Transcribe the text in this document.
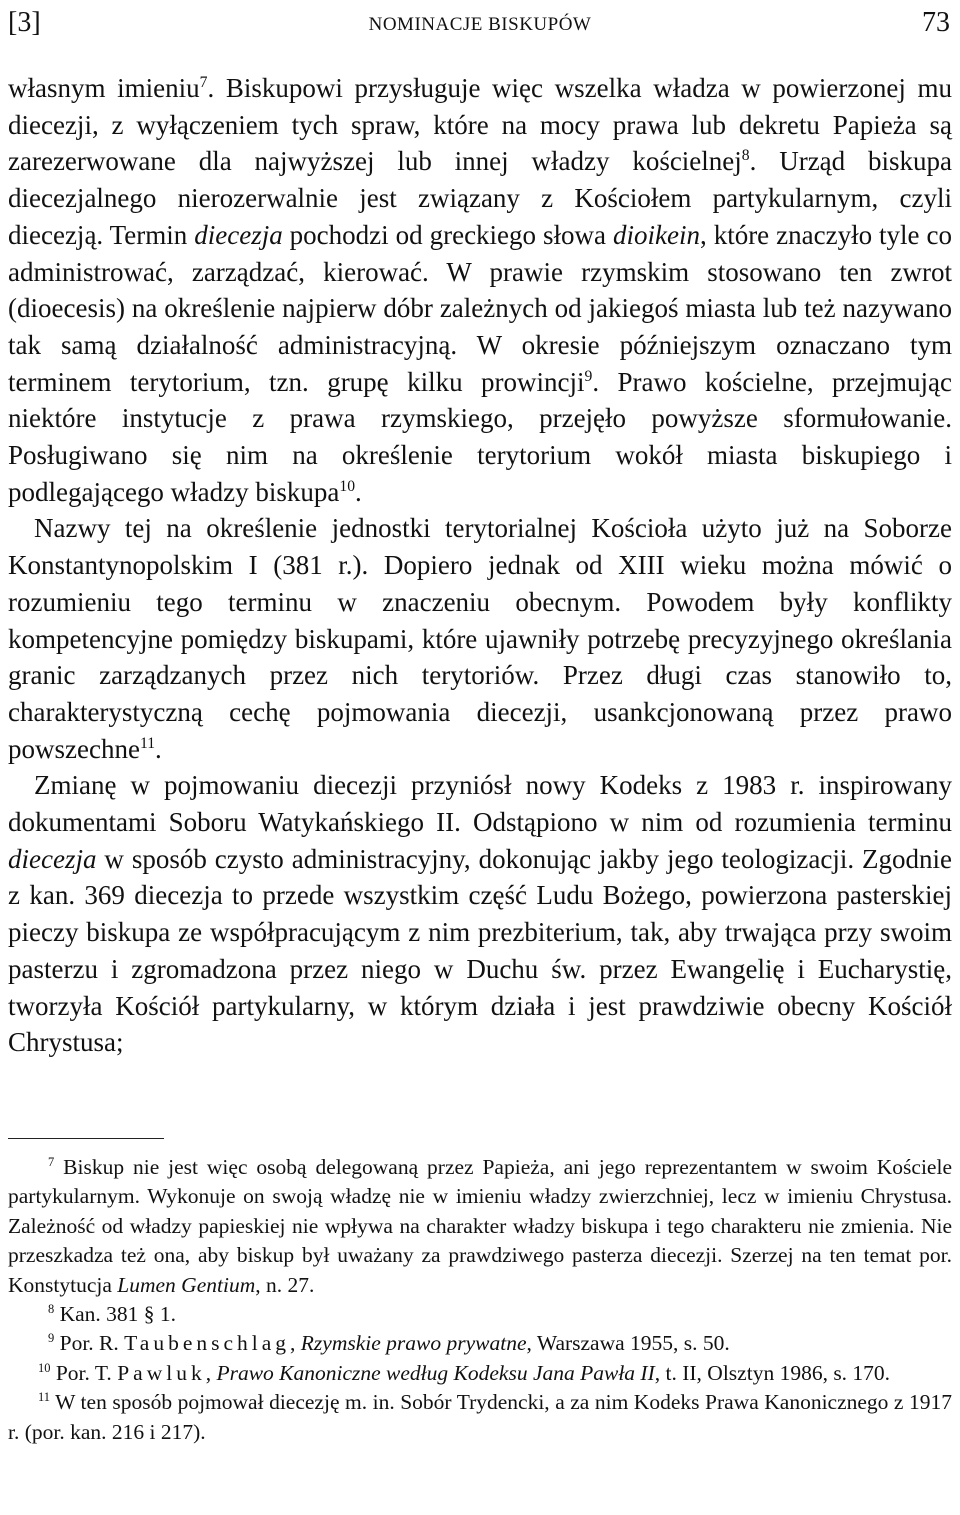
[3]	NOMINACJE BISKUPÓW	73

własnym imieniu$^7$. Biskupowi przysługuje więc wszelka władza w powierzonej mu diecezji, z wyłączeniem tych spraw, które na mocy prawa lub dekretu Papieża są zarezerwowane dla najwyższej lub innej władzy kościelnej$^8$. Urząd biskupa diecezjalnego nierozerwalnie jest związany z Kościołem partykularnym, czyli diecezją. Termin diecezja pochodzi od greckiego słowa dioikein, które znaczyło tyle co administrować, zarządzać, kierować. W prawie rzymskim stosowano ten zwrot (dioecesis) na określenie najpierw dóbr zależnych od jakiegoś miasta lub też nazywano tak samą działalność administracyjną. W okresie późniejszym oznaczano tym terminem terytorium, tzn. grupę kilku prowincji$^9$. Prawo kościelne, przejmując niektóre instytucje z prawa rzymskiego, przejęło powyższe sformułowanie. Posługiwano się nim na określenie terytorium wokół miasta biskupiego i podlegającego władzy biskupa$^{10}$.

Nazwy tej na określenie jednostki terytorialnej Kościoła użyto już na Soborze Konstantynopolskim I (381 r.). Dopiero jednak od XIII wieku można mówić o rozumieniu tego terminu w znaczeniu obecnym. Powodem były konflikty kompetencyjne pomiędzy biskupami, które ujawniły potrzebę precyzyjnego określania granic zarządzanych przez nich terytoriów. Przez długi czas stanowiło to, charakterystyczną cechę pojmowania diecezji, usankcjonowaną przez prawo powszechne$^{11}$.

Zmianę w pojmowaniu diecezji przyniósł nowy Kodeks z 1983 r. inspirowany dokumentami Soboru Watykańskiego II. Odstąpiono w nim od rozumienia terminu diecezja w sposób czysto administracyjny, dokonując jakby jego teologizacji. Zgodnie z kan. 369 diecezja to przede wszystkim część Ludu Bożego, powierzona pasterskiej pieczy biskupa ze współpracującym z nim prezbiterium, tak, aby trwająca przy swoim pasterzu i zgromadzona przez niego w Duchu św. przez Ewangelię i Eucharystię, tworzyła Kościół partykularny, w którym działa i jest prawdziwie obecny Kościół Chrystusa;

$^7$ Biskup nie jest więc osobą delegowaną przez Papieża, ani jego reprezentantem w swoim Kościele partykularnym. Wykonuje on swoją władzę nie w imieniu władzy zwierzchniej, lecz w imieniu Chrystusa. Zależność od władzy papieskiej nie wpływa na charakter władzy biskupa i tego charakteru nie zmienia. Nie przeszkadza też ona, aby biskup był uważany za prawdziwego pasterza diecezji. Szerzej na ten temat por. Konstytucja Lumen Gentium, n. 27.

$^8$ Kan. 381 § 1.

$^9$ Por. R. Taubenschlag, Rzymskie prawo prywatne, Warszawa 1955, s. 50.

$^{10}$ Por. T. Pawluk, Prawo Kanoniczne według Kodeksu Jana Pawła II, t. II, Olsztyn 1986, s. 170.

$^{11}$ W ten sposób pojmował diecezję m. in. Sobór Trydencki, a za nim Kodeks Prawa Kanonicznego z 1917 r. (por. kan. 216 i 217).
